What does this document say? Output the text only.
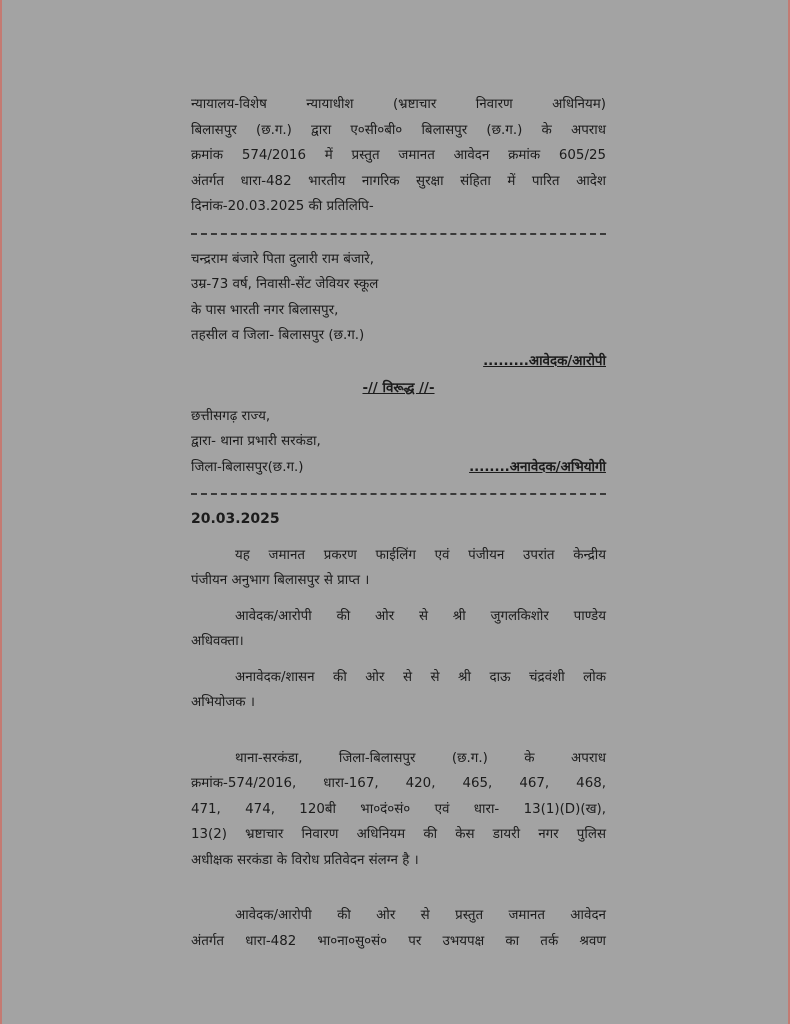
न्यायालय-विशेष न्यायाधीश (भ्रष्टाचार निवारण अधिनियम)

बिलासपुर (छ.ग.) द्वारा ए०सी०बी० बिलासपुर (छ.ग.) के अपराध

क्रमांक 574/2016 में प्रस्तुत जमानत आवेदन क्रमांक 605/25

अंतर्गत धारा-482 भारतीय नागरिक सुरक्षा संहिता में पारित आदेश

दिनांक-20.03.2025 की प्रतिलिपि-

चन्द्रराम बंजारे पिता दुलारी राम बंजारे,

उम्र-73 वर्ष, निवासी-सेंट जेवियर स्कूल

के पास भारती नगर बिलासपुर,

तहसील व जिला- बिलासपुर (छ.ग.)

.........आवेदक/आरोपी

-// विरूद्ध //-

छत्तीसगढ़ राज्य,

द्वारा- थाना प्रभारी सरकंडा,

जिला-बिलासपुर(छ.ग.)	........अनावेदक/अभियोगी

20.03.2025

यह जमानत प्रकरण फाईलिंग एवं पंजीयन उपरांत केन्द्रीय

पंजीयन अनुभाग बिलासपुर से प्राप्त ।

आवेदक/आरोपी की ओर से श्री जुगलकिशोर पाण्डेय

अधिवक्ता।

अनावेदक/शासन की ओर से से श्री दाऊ चंद्रवंशी लोक

अभियोजक ।

थाना-सरकंडा, जिला-बिलासपुर (छ.ग.) के अपराध

क्रमांक-574/2016, धारा-167, 420, 465, 467, 468,

471, 474, 120बी भा०दं०सं० एवं धारा- 13(1)(D)(ख),

13(2) भ्रष्टाचार निवारण अधिनियम की केस डायरी नगर पुलिस

अधीक्षक सरकंडा के विरोध प्रतिवेदन संलग्न है ।

आवेदक/आरोपी की ओर से प्रस्तुत जमानत आवेदन

अंतर्गत धारा-482 भा०ना०सु०सं० पर उभयपक्ष का तर्क श्रवण
